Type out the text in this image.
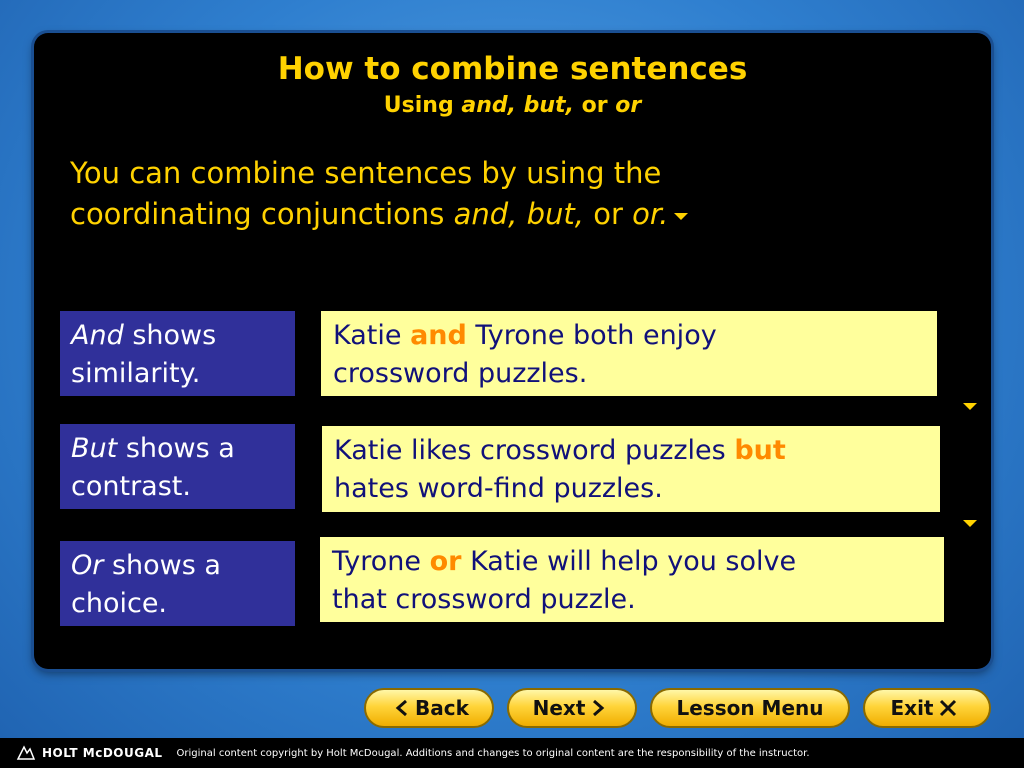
How to combine sentences
Using and, but, or or
You can combine sentences by using the
coordinating conjunctions and, but, or or.
And shows
similarity.
Katie and Tyrone both enjoy
crossword puzzles.
But shows a
contrast.
Katie likes crossword puzzles but
hates word-find puzzles.
Or shows a
choice.
Tyrone or Katie will help you solve
that crossword puzzle.
Back	Next	Lesson Menu	Exit
HOLT McDOUGAL Original content copyright by Holt McDougal. Additions and changes to original content are the responsibility of the instructor.
